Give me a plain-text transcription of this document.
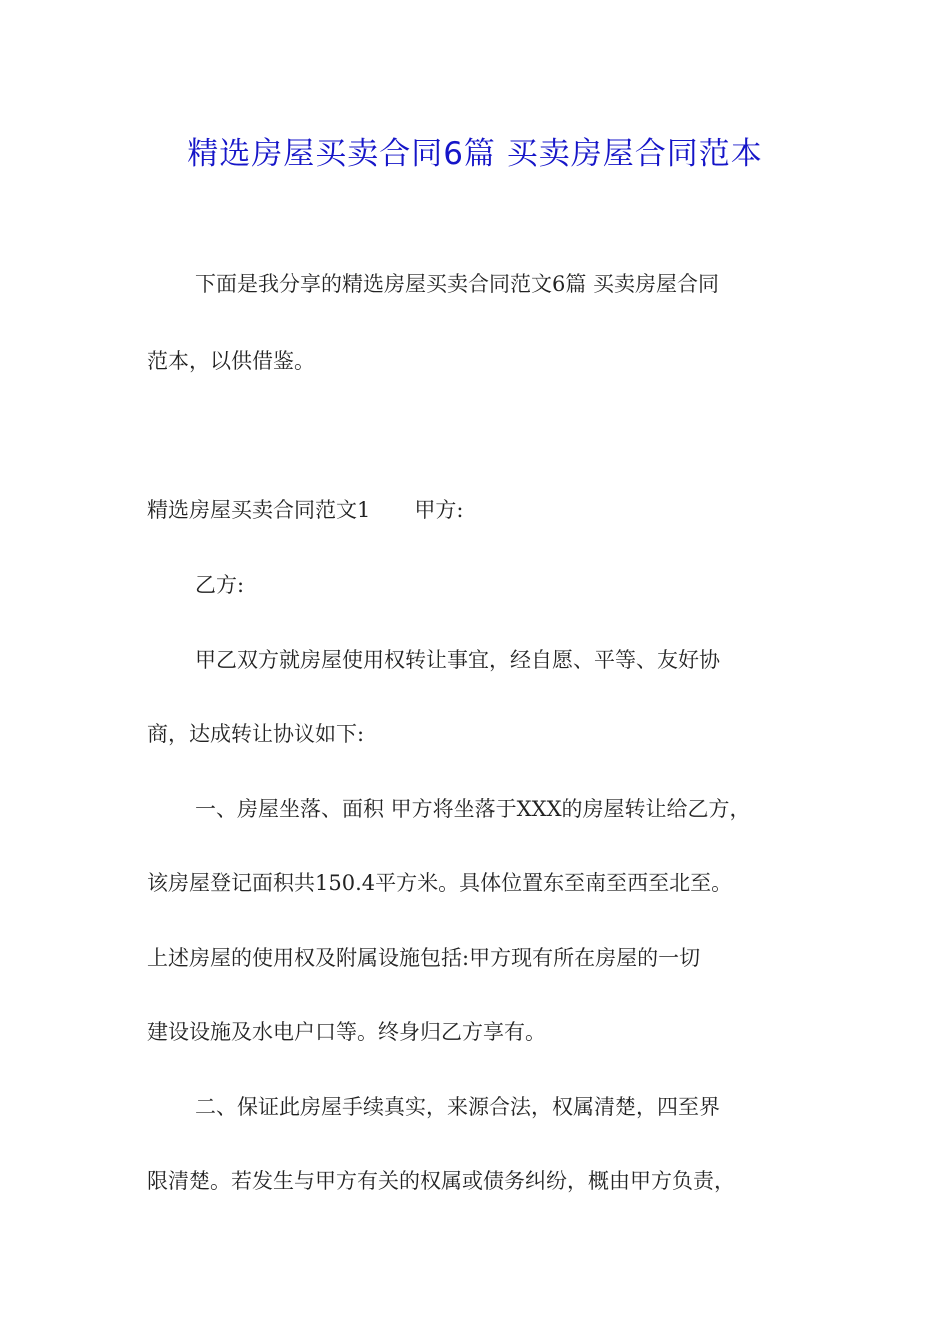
精选房屋买卖合同6篇 买卖房屋合同范本
下面是我分享的精选房屋买卖合同范文6篇 买卖房屋合同
范本，以供借鉴。
精选房屋买卖合同范文1 甲方:
乙方:
甲乙双方就房屋使用权转让事宜，经自愿、平等、友好协
商，达成转让协议如下:
一、房屋坐落、面积 甲方将坐落于XXX的房屋转让给乙方，
该房屋登记面积共150.4平方米。具体位置东至南至西至北至。
上述房屋的使用权及附属设施包括:甲方现有所在房屋的一切
建设设施及水电户口等。终身归乙方享有。
二、保证此房屋手续真实，来源合法，权属清楚，四至界
限清楚。若发生与甲方有关的权属或债务纠纷，概由甲方负责，
